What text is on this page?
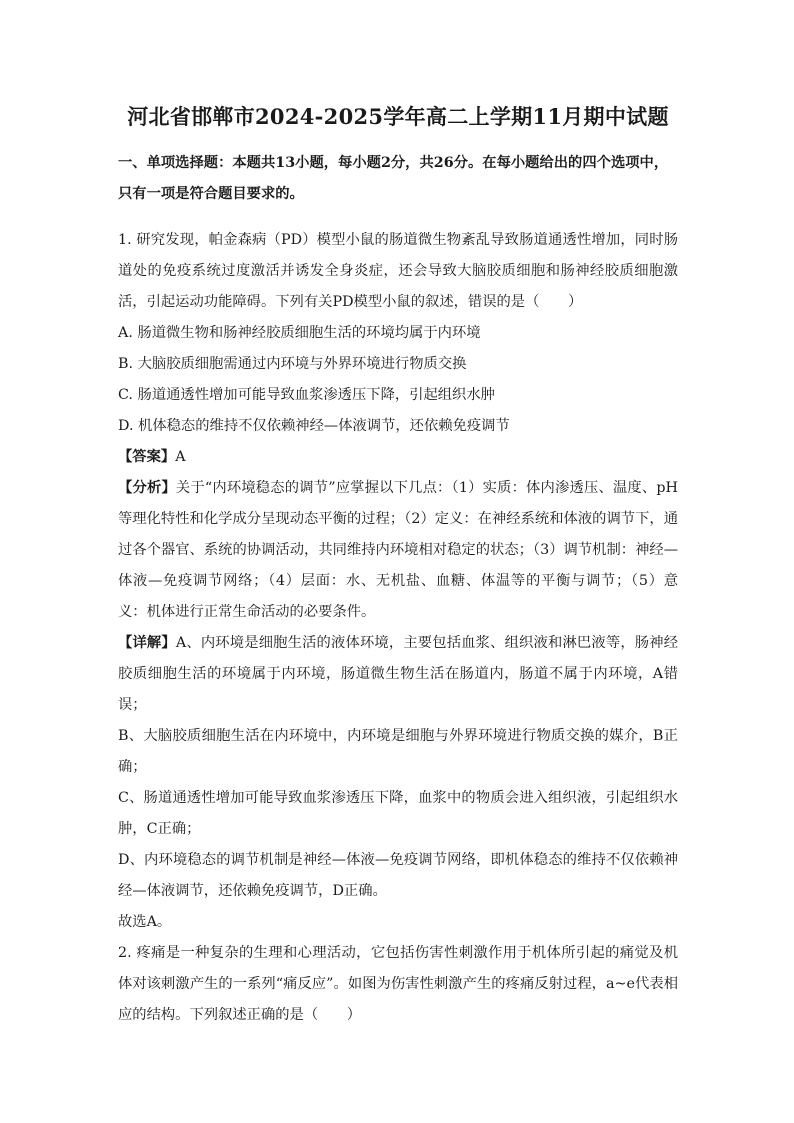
河北省邯郸市2024-2025学年高二上学期11月期中试题

一、单项选择题：本题共13小题，每小题2分，共26分。在每小题给出的四个选项中，只有一项是符合题目要求的。

1. 研究发现，帕金森病（PD）模型小鼠的肠道微生物紊乱导致肠道通透性增加，同时肠道处的免疫系统过度激活并诱发全身炎症，还会导致大脑胶质细胞和肠神经胶质细胞激活，引起运动功能障碍。下列有关PD模型小鼠的叙述，错误的是（　　）

A. 肠道微生物和肠神经胶质细胞生活的环境均属于内环境

B. 大脑胶质细胞需通过内环境与外界环境进行物质交换

C. 肠道通透性增加可能导致血浆渗透压下降，引起组织水肿

D. 机体稳态的维持不仅依赖神经—体液调节，还依赖免疫调节

【答案】A

【分析】关于“内环境稳态的调节”应掌握以下几点：（1）实质：体内渗透压、温度、pH等理化特性和化学成分呈现动态平衡的过程；（2）定义：在神经系统和体液的调节下，通过各个器官、系统的协调活动，共同维持内环境相对稳定的状态；（3）调节机制：神经—体液—免疫调节网络；（4）层面：水、无机盐、血糖、体温等的平衡与调节；（5）意义：机体进行正常生命活动的必要条件。

【详解】A、内环境是细胞生活的液体环境，主要包括血浆、组织液和淋巴液等，肠神经胶质细胞生活的环境属于内环境，肠道微生物生活在肠道内，肠道不属于内环境，A错误；

B、大脑胶质细胞生活在内环境中，内环境是细胞与外界环境进行物质交换的媒介，B正确；

C、肠道通透性增加可能导致血浆渗透压下降，血浆中的物质会进入组织液，引起组织水肿，C正确；

D、内环境稳态的调节机制是神经—体液—免疫调节网络，即机体稳态的维持不仅依赖神经—体液调节，还依赖免疫调节，D正确。

故选A。

2. 疼痛是一种复杂的生理和心理活动，它包括伤害性刺激作用于机体所引起的痛觉及机体对该刺激产生的一系列“痛反应”。如图为伤害性刺激产生的疼痛反射过程，a~e代表相应的结构。下列叙述正确的是（　　）
